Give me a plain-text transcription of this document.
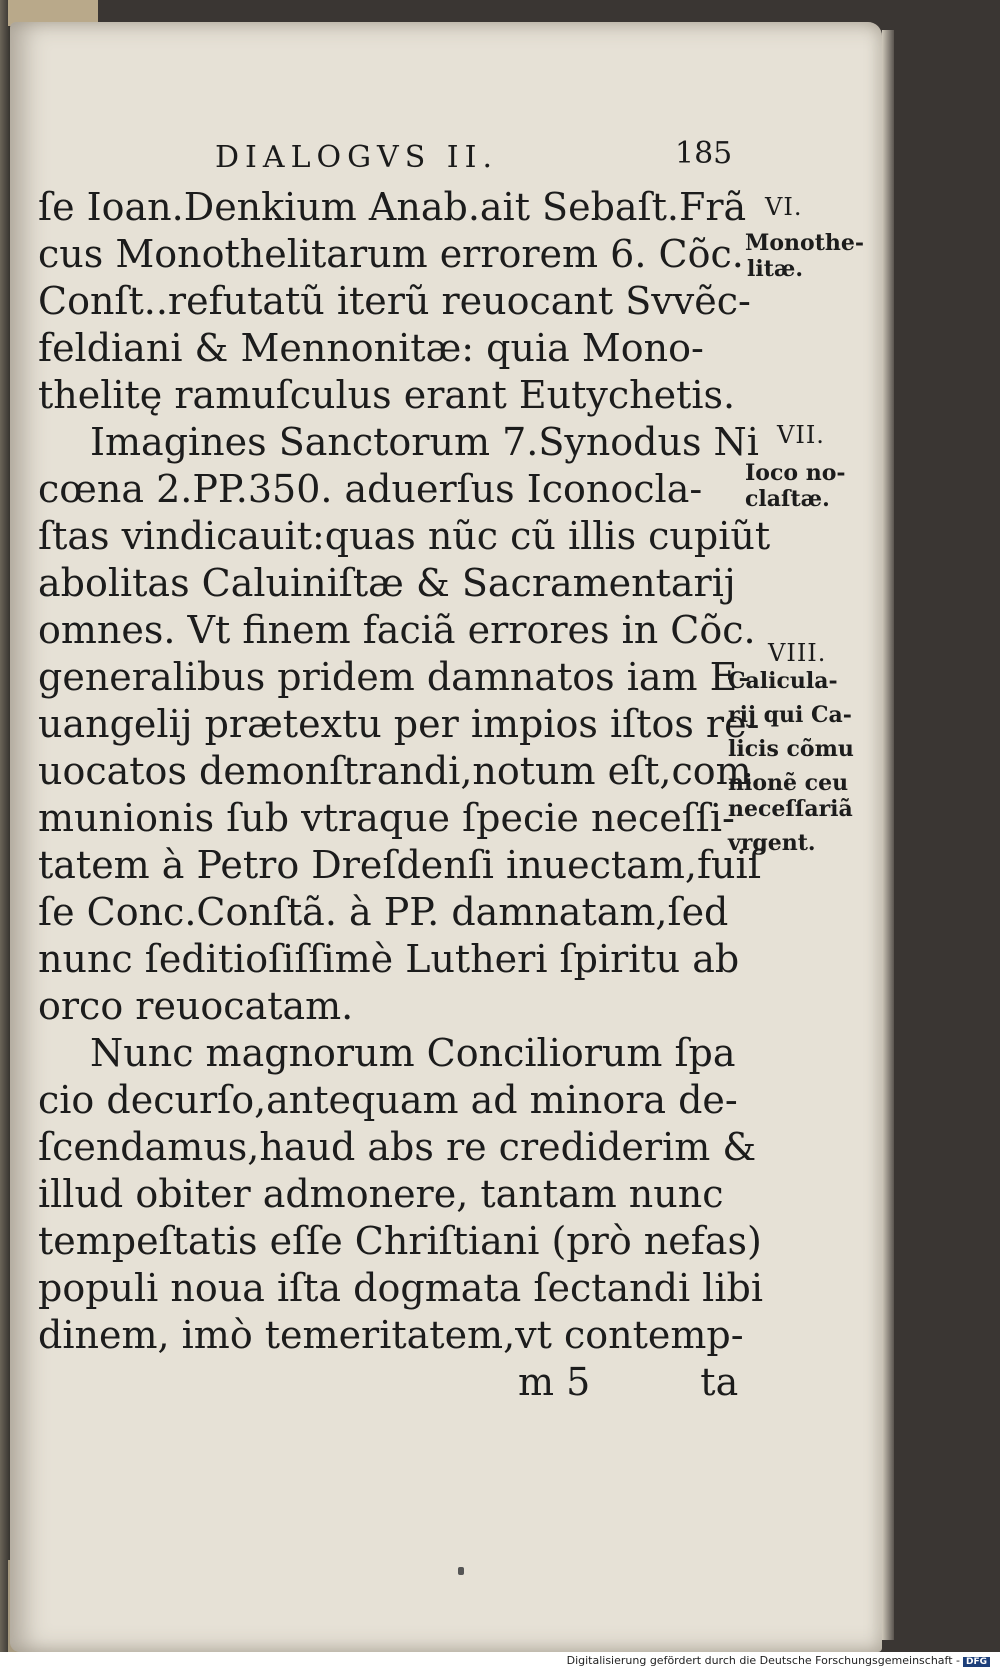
DIALOGVS II.	185
ſe Ioan.Denkium Anab.ait Sebaſt.Frã
cus Monothelitarum errorem 6. Cõc.
Conſt..refutatũ iterũ reuocant Svvẽc-
feldiani & Mennonitæ: quia Mono-
thelitę ramuſculus erant Eutychetis.
Imagines Sanctorum 7.Synodus Ni
cœna 2.PP.350. aduerſus Iconocla-
ſtas vindicauit:quas nũc cũ illis cupiũt
abolitas Caluiniſtæ & Sacramentarij
omnes. Vt finem faciã errores in Cõc.
generalibus pridem damnatos iam E-
uangelij prætextu per impios iſtos re-
uocatos demonſtrandi,notum eſt,com
munionis ſub vtraque ſpecie neceſſi-
tatem à Petro Dreſdenſi inuectam,fuiſ
ſe Conc.Conſtã. à PP. damnatam,ſed
nunc ſeditioſiſſimè Lutheri ſpiritu ab
orco reuocatam.
Nunc magnorum Conciliorum ſpa
cio decurſo,antequam ad minora de-
ſcendamus,haud abs re crediderim &
illud obiter admonere, tantam nunc
tempeſtatis eſſe Chriſtiani (prò nefas)
populi noua iſta dogmata ſectandi libi
dinem, imò temeritatem,vt contemp-
m 5	ta
VI.
Monothe-
litæ.
VII.
Ioco no-
claſtæ.
VIII.
Calicula-
rij qui Ca-
licis cõmu
nionẽ ceu
neceſſariã
vrgent.
Digitalisierung gefördert durch die Deutsche Forschungsgemeinschaft - DFG
